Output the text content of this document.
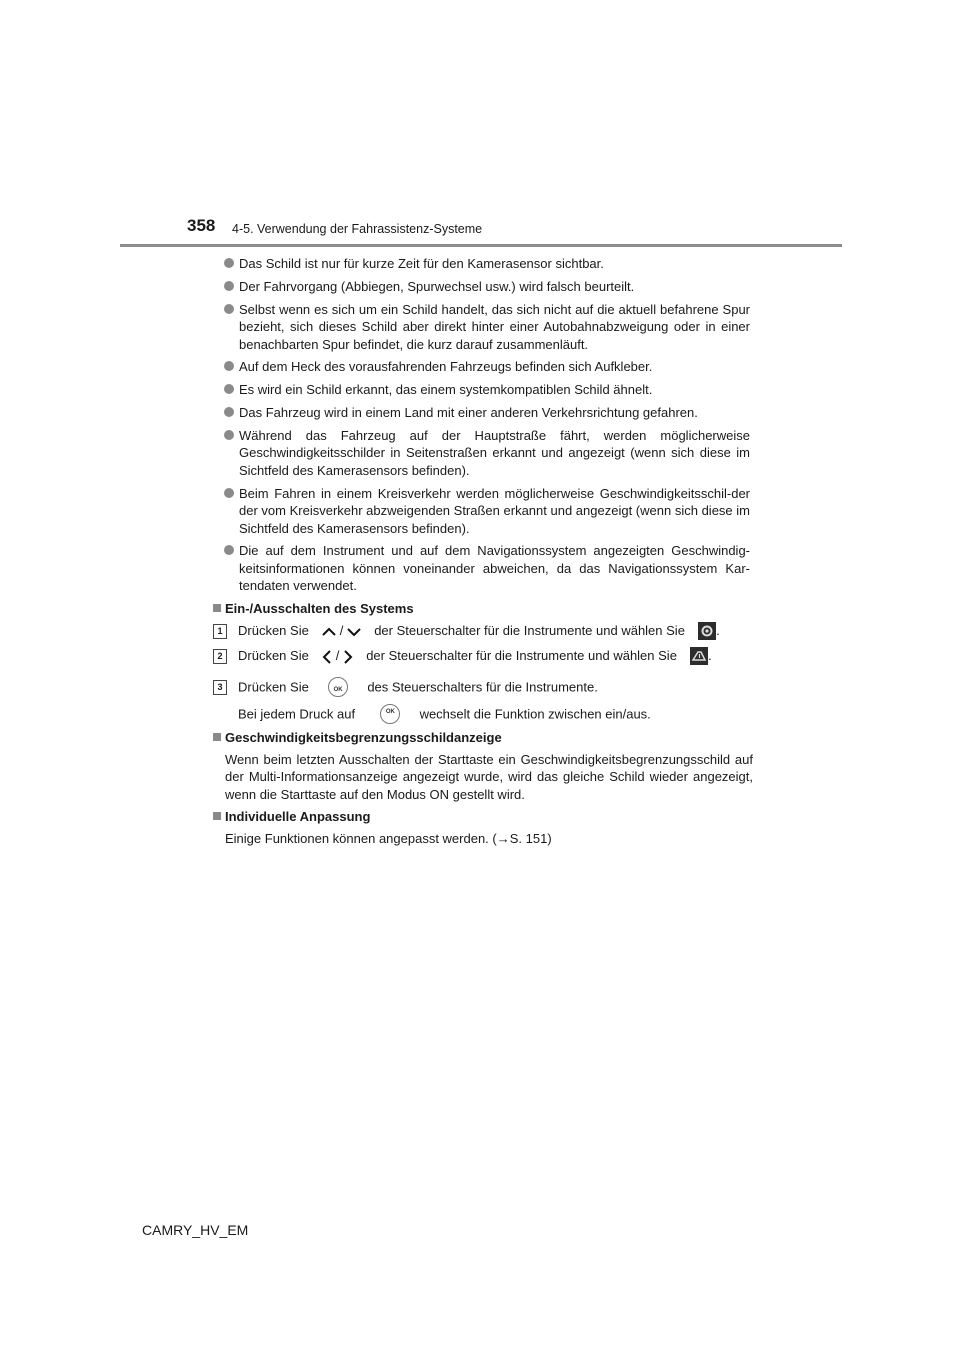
358 4-5. Verwendung der Fahrassistenz-Systeme
Das Schild ist nur für kurze Zeit für den Kamerasensor sichtbar.
Der Fahrvorgang (Abbiegen, Spurwechsel usw.) wird falsch beurteilt.
Selbst wenn es sich um ein Schild handelt, das sich nicht auf die aktuell befahrene Spur bezieht, sich dieses Schild aber direkt hinter einer Autobahnabzweigung oder in einer benachbarten Spur befindet, die kurz darauf zusammenläuft.
Auf dem Heck des vorausfahrenden Fahrzeugs befinden sich Aufkleber.
Es wird ein Schild erkannt, das einem systemkompatiblen Schild ähnelt.
Das Fahrzeug wird in einem Land mit einer anderen Verkehrsrichtung gefahren.
Während das Fahrzeug auf der Hauptstraße fährt, werden möglicherweise Geschwindigkeitsschilder in Seitenstraßen erkannt und angezeigt (wenn sich diese im Sichtfeld des Kamerasensors befinden).
Beim Fahren in einem Kreisverkehr werden möglicherweise Geschwindigkeitsschil-der der vom Kreisverkehr abzweigenden Straßen erkannt und angezeigt (wenn sich diese im Sichtfeld des Kamerasensors befinden).
Die auf dem Instrument und auf dem Navigationssystem angezeigten Geschwindig-keitsinformationen können voneinander abweichen, da das Navigationssystem Kar-tendaten verwendet.
Ein-/Ausschalten des Systems
1	Drücken Sie / der Steuerschalter für die Instrumente und wählen Sie .
2	Drücken Sie / der Steuerschalter für die Instrumente und wählen Sie .
3	Drücken Sie OK	des Steuerschalters für die Instrumente.
Bei jedem Druck auf OK	wechselt die Funktion zwischen ein/aus.
Geschwindigkeitsbegrenzungsschildanzeige
Wenn beim letzten Ausschalten der Starttaste ein Geschwindigkeitsbegrenzungsschild auf der Multi-Informationsanzeige angezeigt wurde, wird das gleiche Schild wieder angezeigt, wenn die Starttaste auf den Modus ON gestellt wird.
Individuelle Anpassung
Einige Funktionen können angepasst werden. (→S. 151)
CAMRY_HV_EM
